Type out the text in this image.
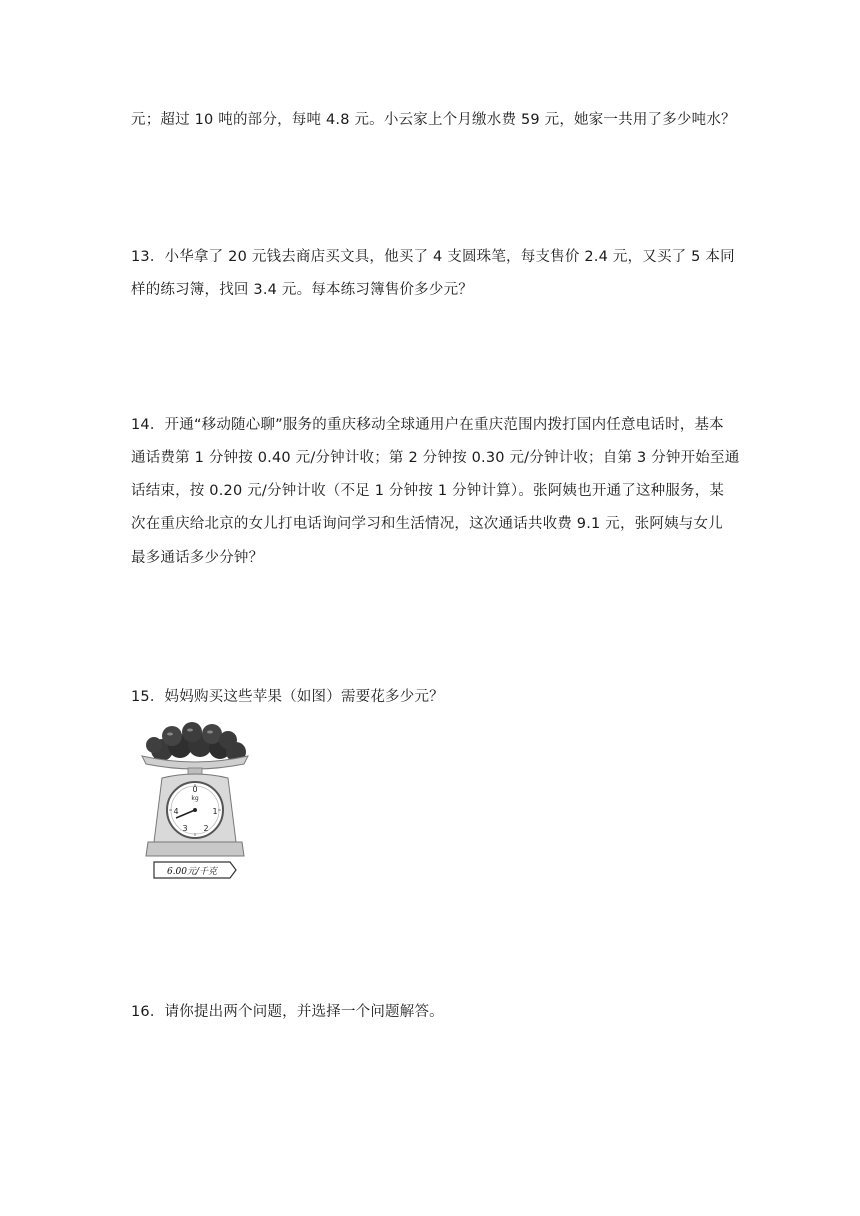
元；超过 10 吨的部分，每吨 4.8 元。小云家上个月缴水费 59 元，她家一共用了多少吨水？
13．小华拿了 20 元钱去商店买文具，他买了 4 支圆珠笔，每支售价 2.4 元，又买了 5 本同
样的练习簿，找回 3.4 元。每本练习簿售价多少元？
14．开通“移动随心聊”服务的重庆移动全球通用户在重庆范围内拨打国内任意电话时，基本
通话费第 1 分钟按 0.40 元/分钟计收；第 2 分钟按 0.30 元/分钟计收；自第 3 分钟开始至通
话结束，按 0.20 元/分钟计收（不足 1 分钟按 1 分钟计算）。张阿姨也开通了这种服务，某
次在重庆给北京的女儿打电话询问学习和生活情况，这次通话共收费 9.1 元，张阿姨与女儿
最多通话多少分钟？
15．妈妈购买这些苹果（如图）需要花多少元？
0
kg
1
2
3
4
6.00元/千克
16．请你提出两个问题，并选择一个问题解答。
